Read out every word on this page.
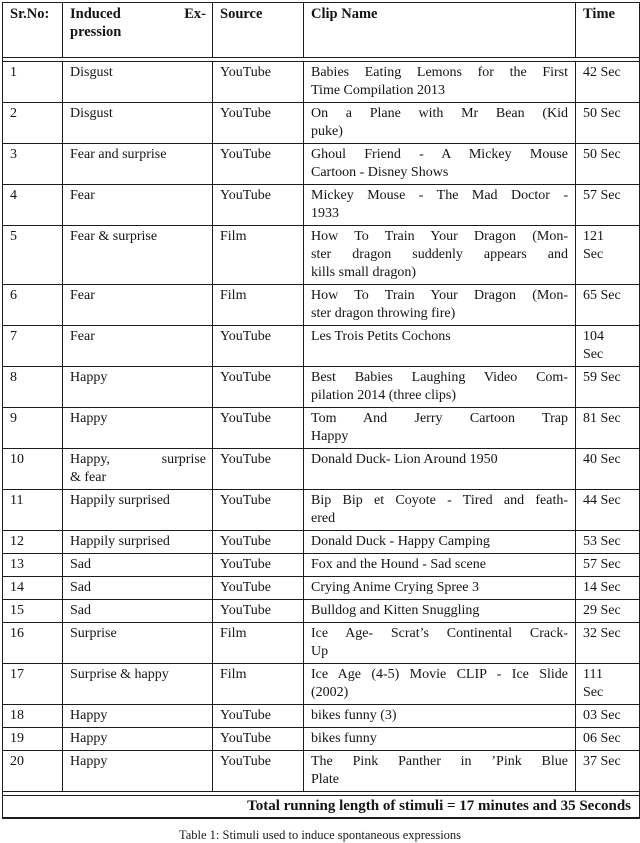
Sr.No:	Induced Ex-
pression	Source	Clip Name	Time

1	Disgust	YouTube	Babies Eating Lemons for the First
Time Compilation 2013	42 Sec

2	Disgust	YouTube	On a Plane with Mr Bean (Kid
puke)	50 Sec

3	Fear and surprise	YouTube	Ghoul Friend - A Mickey Mouse
Cartoon - Disney Shows	50 Sec

4	Fear	YouTube	Mickey Mouse - The Mad Doctor -
1933	57 Sec

5	Fear & surprise	Film	How To Train Your Dragon (Mon-
ster dragon suddenly appears and
kills small dragon)	121
Sec

6	Fear	Film	How To Train Your Dragon (Mon-
ster dragon throwing fire)	65 Sec

7	Fear	YouTube	Les Trois Petits Cochons	104
Sec

8	Happy	YouTube	Best Babies Laughing Video Com-
pilation 2014 (three clips)	59 Sec

9	Happy	YouTube	Tom And Jerry Cartoon Trap
Happy	81 Sec

10	Happy, surprise
& fear	YouTube	Donald Duck- Lion Around 1950	40 Sec

11	Happily surprised	YouTube	Bip Bip et Coyote - Tired and feath-
ered	44 Sec

12	Happily surprised	YouTube	Donald Duck - Happy Camping	53 Sec

13	Sad	YouTube	Fox and the Hound - Sad scene	57 Sec

14	Sad	YouTube	Crying Anime Crying Spree 3	14 Sec

15	Sad	YouTube	Bulldog and Kitten Snuggling	29 Sec

16	Surprise	Film	Ice Age- Scrat’s Continental Crack-
Up	32 Sec

17	Surprise & happy	Film	Ice Age (4-5) Movie CLIP - Ice Slide
(2002)	111
Sec

18	Happy	YouTube	bikes funny (3)	03 Sec

19	Happy	YouTube	bikes funny	06 Sec

20	Happy	YouTube	The Pink Panther in ’Pink Blue
Plate	37 Sec

Total running length of stimuli = 17 minutes and 35 Seconds				
Table 1: Stimuli used to induce spontaneous expressions
